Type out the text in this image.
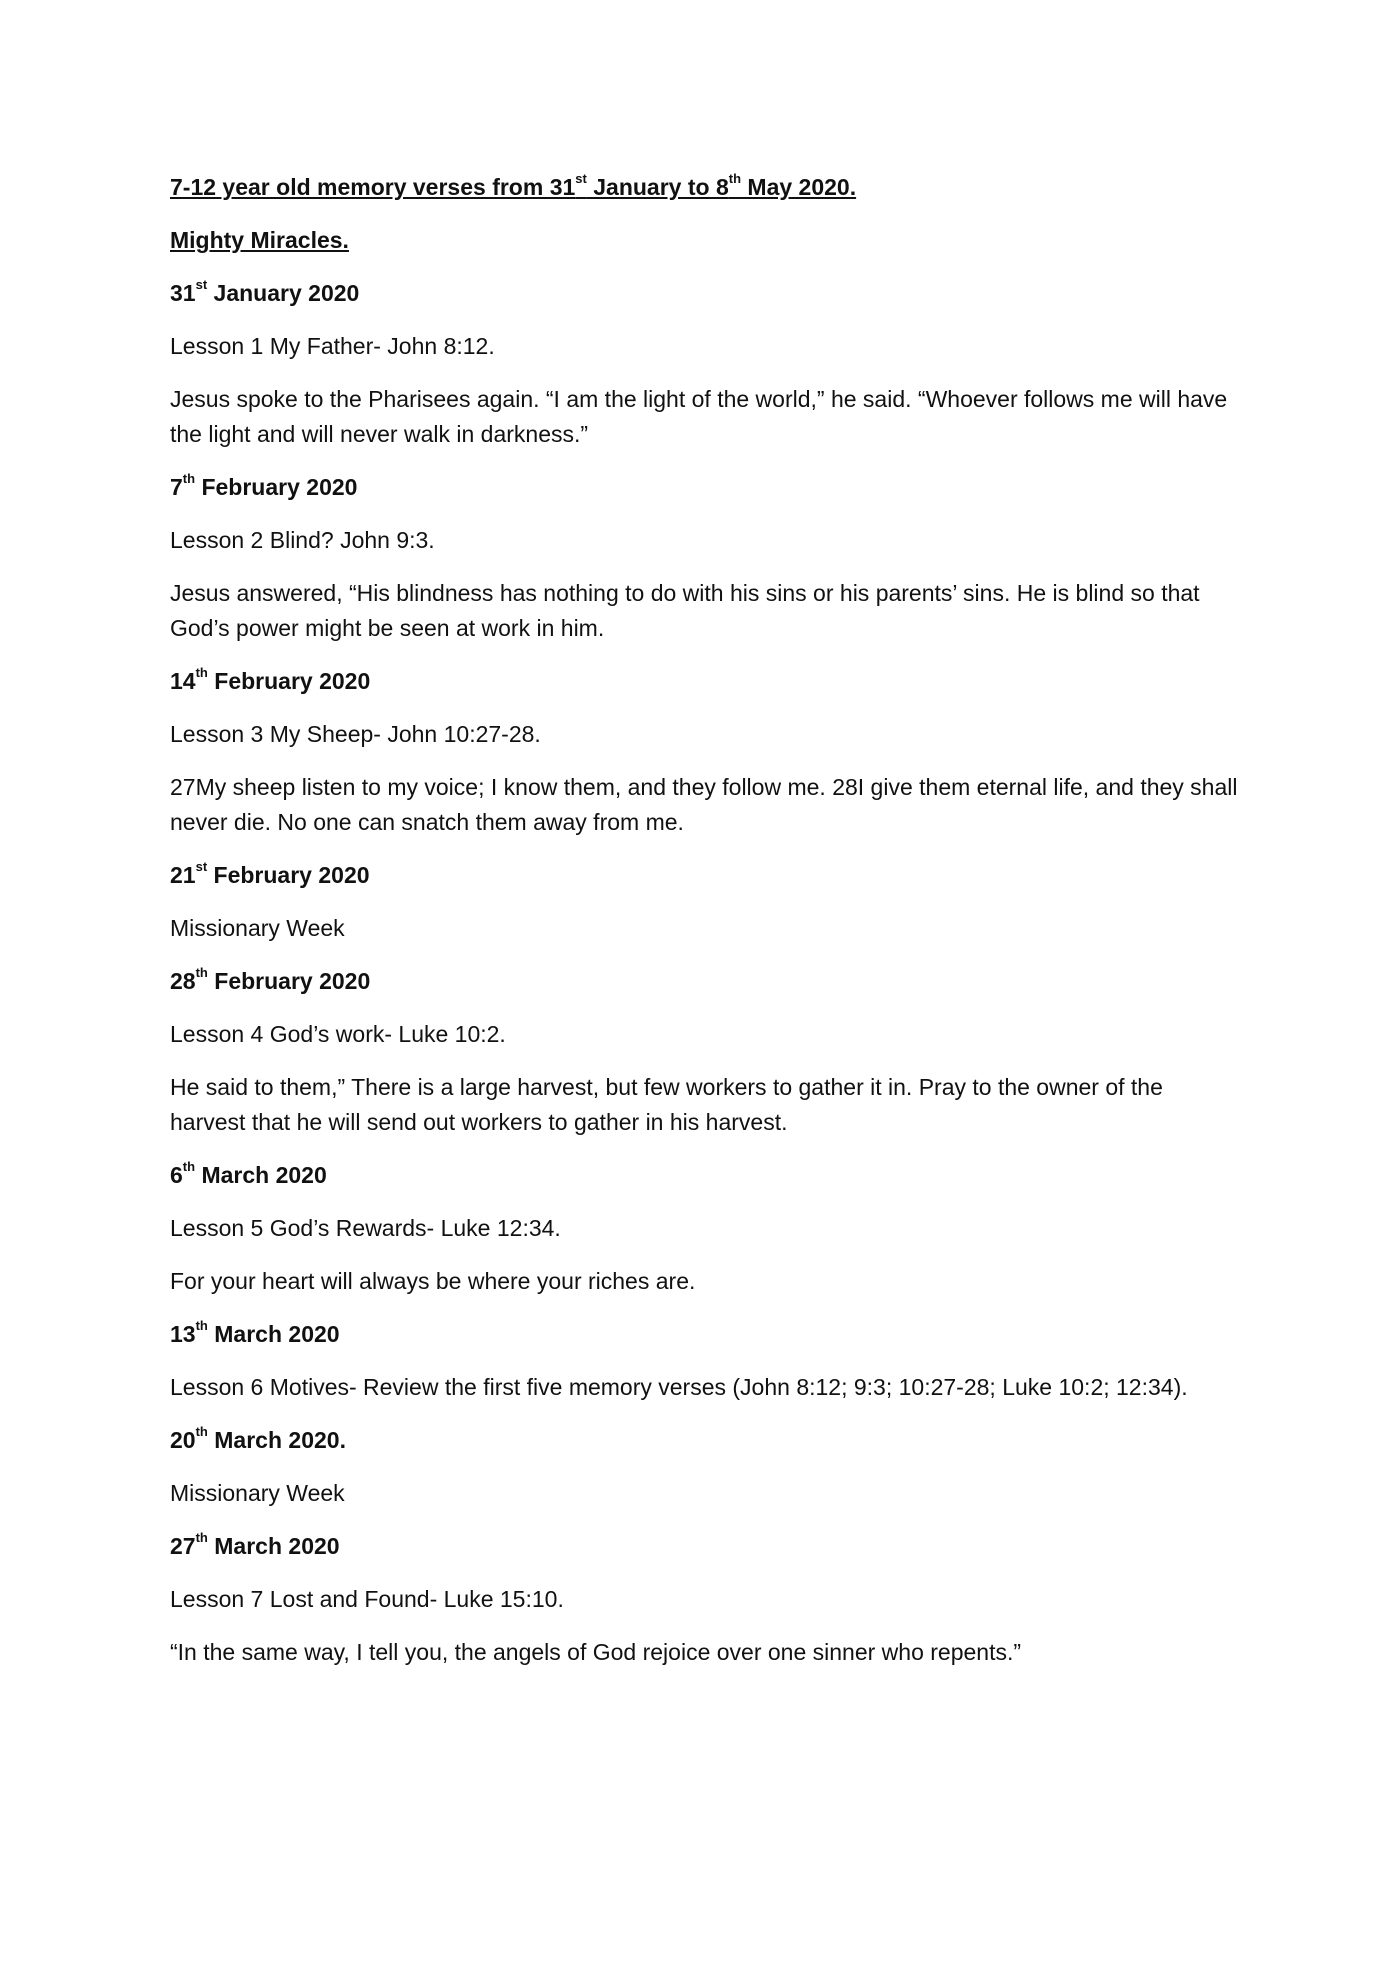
7-12 year old memory verses from 31st January to 8th May 2020.

Mighty Miracles.

31st January 2020

Lesson 1 My Father- John 8:12.

Jesus spoke to the Pharisees again. “I am the light of the world,” he said. “Whoever follows me will have the light and will never walk in darkness.”

7th February 2020

Lesson 2 Blind? John 9:3.

Jesus answered, “His blindness has nothing to do with his sins or his parents’ sins. He is blind so that God’s power might be seen at work in him.

14th February 2020

Lesson 3 My Sheep- John 10:27-28.

27My sheep listen to my voice; I know them, and they follow me. 28I give them eternal life, and they shall never die. No one can snatch them away from me.

21st February 2020

Missionary Week

28th February 2020

Lesson 4 God’s work- Luke 10:2.

He said to them,” There is a large harvest, but few workers to gather it in. Pray to the owner of the harvest that he will send out workers to gather in his harvest.

6th March 2020

Lesson 5 God’s Rewards- Luke 12:34.

For your heart will always be where your riches are.

13th March 2020

Lesson 6 Motives- Review the first five memory verses (John 8:12; 9:3; 10:27-28; Luke 10:2; 12:34).

20th March 2020.

Missionary Week

27th March 2020

Lesson 7 Lost and Found- Luke 15:10.

“In the same way, I tell you, the angels of God rejoice over one sinner who repents.”
